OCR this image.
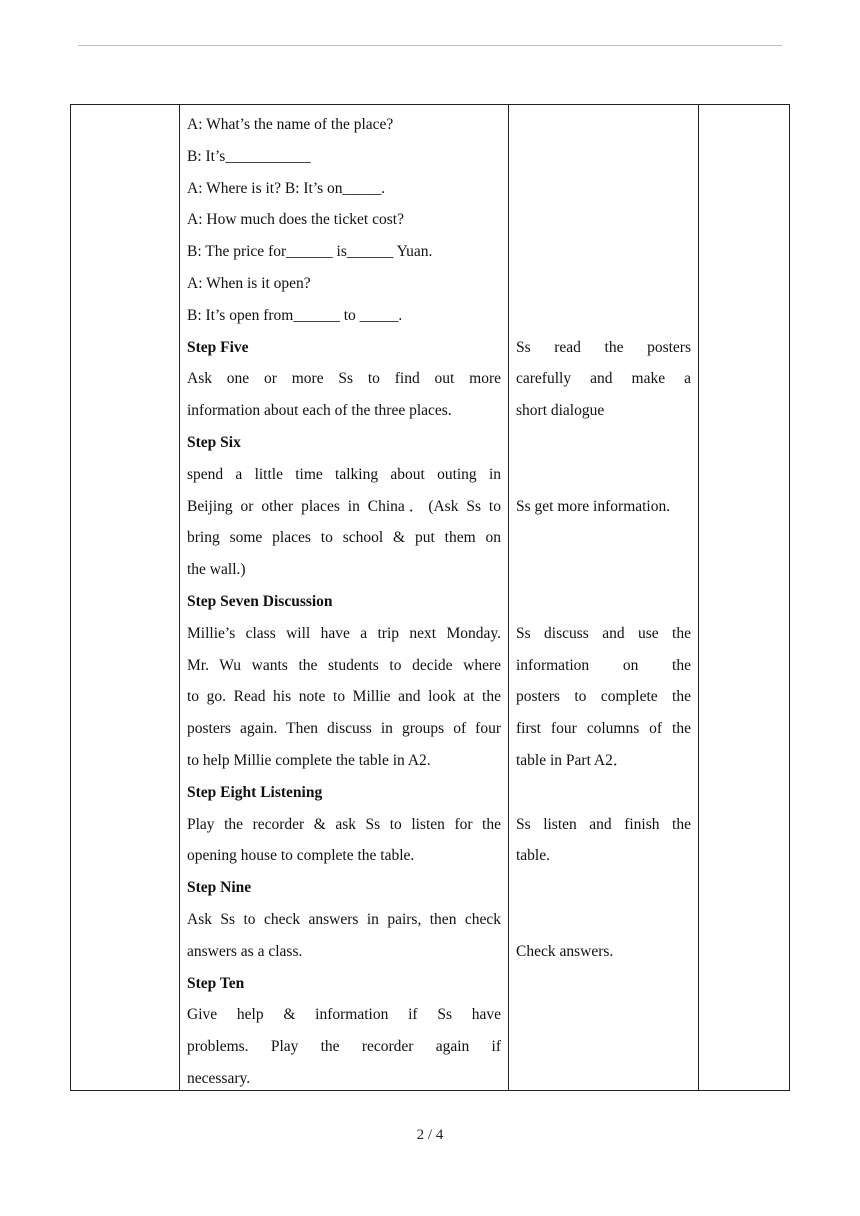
A: What’s the name of the place?
B: It’s___________
A: Where is it? B: It’s on_____.
A: How much does the ticket cost?
B: The price for______ is______ Yuan.
A: When is it open?
B: It’s open from______ to _____.
Step Five
Ask one or more Ss to find out more
information about each of the three places.
Step Six
spend a little time talking about outing in
Beijing or other places in China．(Ask Ss to
bring some places to school & put them on
the wall.)
Step Seven Discussion
Millie’s class will have a trip next Monday.
Mr. Wu wants the students to decide where
to go. Read his note to Millie and look at the
posters again. Then discuss in groups of four
to help Millie complete the table in A2.
Step Eight Listening
Play the recorder & ask Ss to listen for the
opening house to complete the table.
Step Nine
Ask Ss to check answers in pairs, then check
answers as a class.
Step Ten
Give help & information if Ss have
problems. Play the recorder again if
necessary.
Ss read the posters
carefully and make a
short dialogue
Ss get more information.
Ss discuss and use the
information on the
posters to complete the
first four columns of the
table in Part A2．
Ss listen and finish the
table.
Check answers.
2 / 4
